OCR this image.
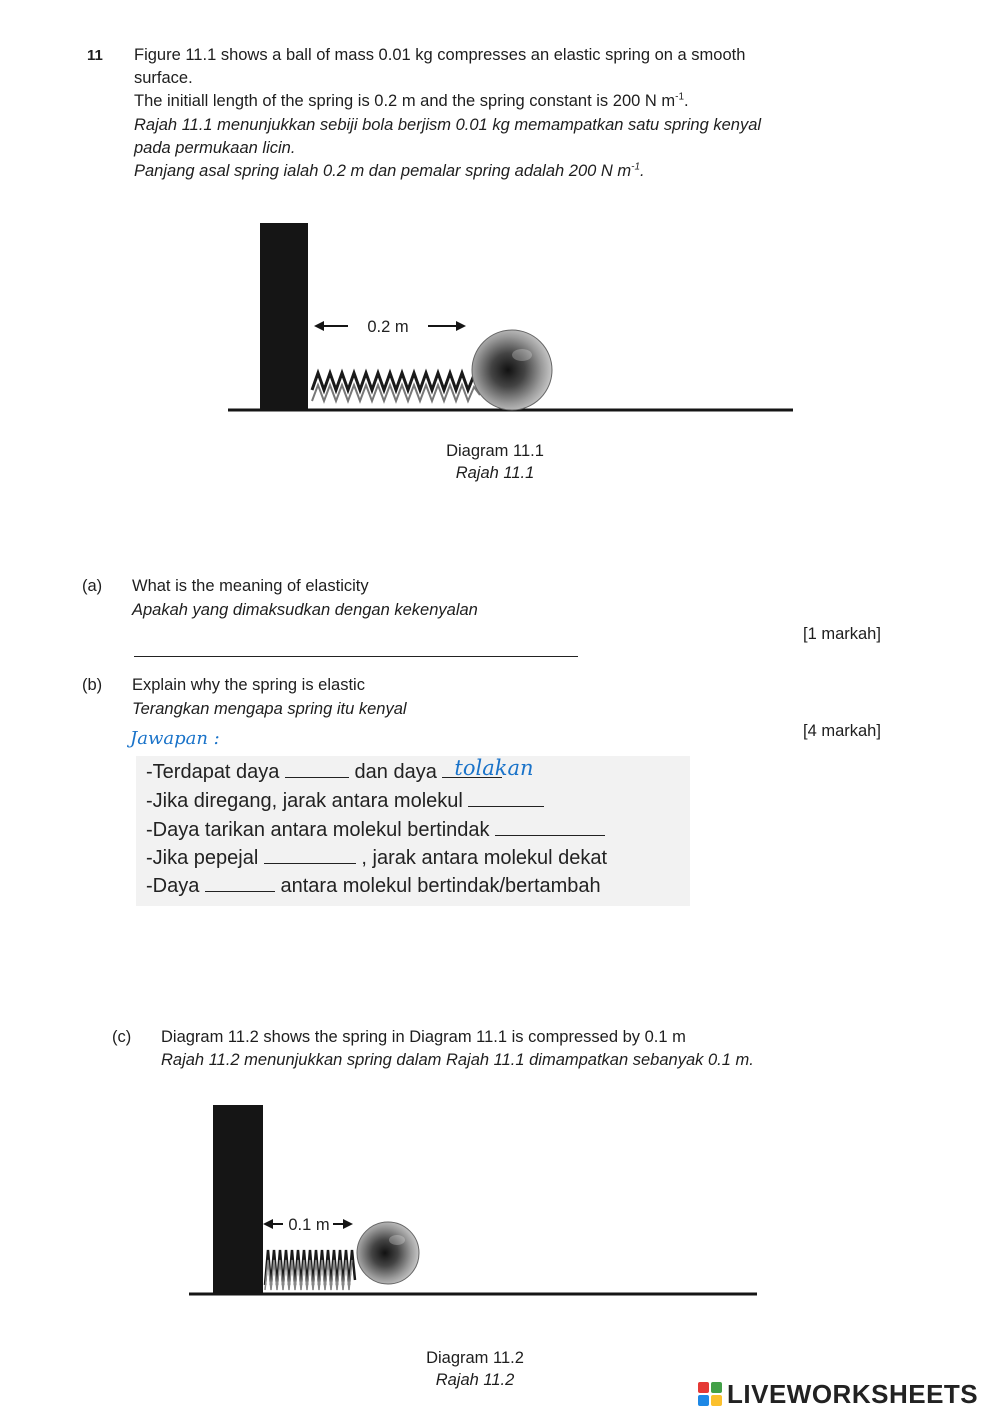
11 Figure 11.1 shows a ball of mass 0.01 kg compresses an elastic spring on a smooth
surface.
The initiall length of the spring is 0.2 m and the spring constant is 200 N $m^{-1}$.
Rajah 11.1 menunjukkan sebiji bola berjism 0.01 kg memampatkan satu spring kenyal
pada permukaan licin.
Panjang asal spring ialah 0.2 m dan pemalar spring adalah 200 N $m^{-1}$.
0.2 m
Diagram 11.1
Rajah 11.1
(a) What is the meaning of elasticity
Apakah yang dimaksudkan dengan kekenyalan
[1 markah]
(b) Explain why the spring is elastic
Terangkan mengapa spring itu kenyal
[4 markah]
Jawapan :
-Terdapat daya	dan daya tolakan
-Jika diregang, jarak antara molekul
-Daya tarikan antara molekul bertindak
-Jika pepejal	, jarak antara molekul dekat
-Daya	antara molekul bertindak/bertambah
(c) Diagram 11.2 shows the spring in Diagram 11.1 is compressed by 0.1 m
Rajah 11.2 menunjukkan spring dalam Rajah 11.1 dimampatkan sebanyak 0.1 m.
0.1 m
Diagram 11.2
Rajah 11.2	LIVEWORKSHEETS
